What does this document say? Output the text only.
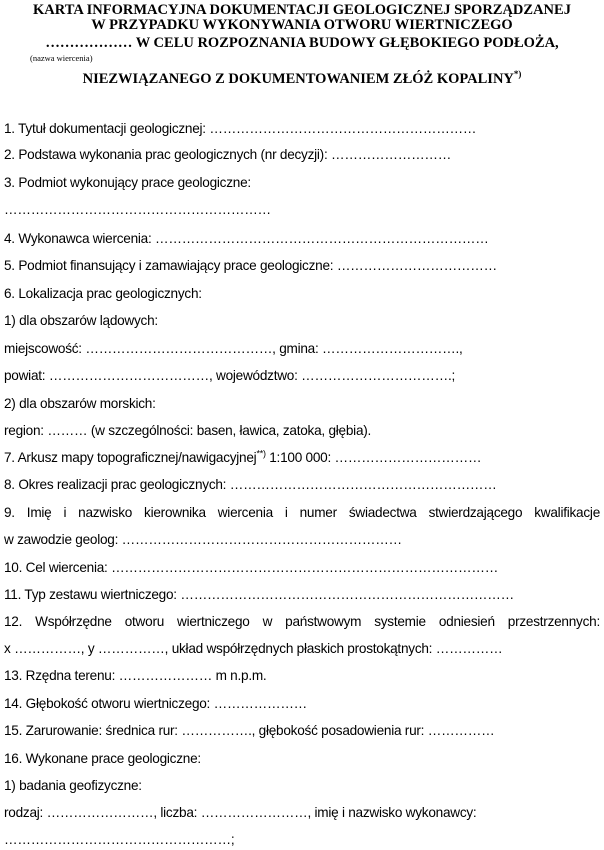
KARTA INFORMACYJNA DOKUMENTACJI GEOLOGICZNEJ SPORZĄDZANEJ
W PRZYPADKU WYKONYWANIA OTWORU WIERTNICZEGO
……………… W CELU ROZPOZNANIA BUDOWY GŁĘBOKIEGO PODŁOŻA,
(nazwa wiercenia)
NIEZWIĄZANEGO Z DOKUMENTOWANIEM ZŁÓŻ KOPALINY*)
1. Tytuł dokumentacji geologicznej: ……………………………………………………
2. Podstawa wykonania prac geologicznych (nr decyzji): ………………………
3. Podmiot wykonujący prace geologiczne:
……………………………………………………
4. Wykonawca wiercenia: …………………………………………………………………
5. Podmiot finansujący i zamawiający prace geologiczne: ………………………………
6. Lokalizacja prac geologicznych:
1) dla obszarów lądowych:
miejscowość: ……………………………………, gmina: ………………………….,
powiat: ………………………………, województwo: …………………………….;
2) dla obszarów morskich:
region: ……… (w szczególności: basen, ławica, zatoka, głębia).
7. Arkusz mapy topograficznej/nawigacyjnej**) 1:100 000: ……………………………
8. Okres realizacji prac geologicznych: ……………………………………………………
9. Imię i nazwisko kierownika wiercenia i numer świadectwa stwierdzającego kwalifikacje
w zawodzie geolog: ………………………………………………………
10. Cel wiercenia: ……………………………………………………………………………
11. Typ zestawu wiertniczego: …………………………………………………………………
12. Współrzędne otworu wiertniczego w państwowym systemie odniesień przestrzennych:
x ……………, y ……………, układ współrzędnych płaskich prostokątnych: ……………
13. Rzędna terenu: ………………… m n.p.m.
14. Głębokość otworu wiertniczego: …………………
15. Zarurowanie: średnica rur: ……………., głębokość posadowienia rur: ……………
16. Wykonane prace geologiczne:
1) badania geofizyczne:
rodzaj: ……………………, liczba: ……………………, imię i nazwisko wykonawcy:
……………………………………………;
